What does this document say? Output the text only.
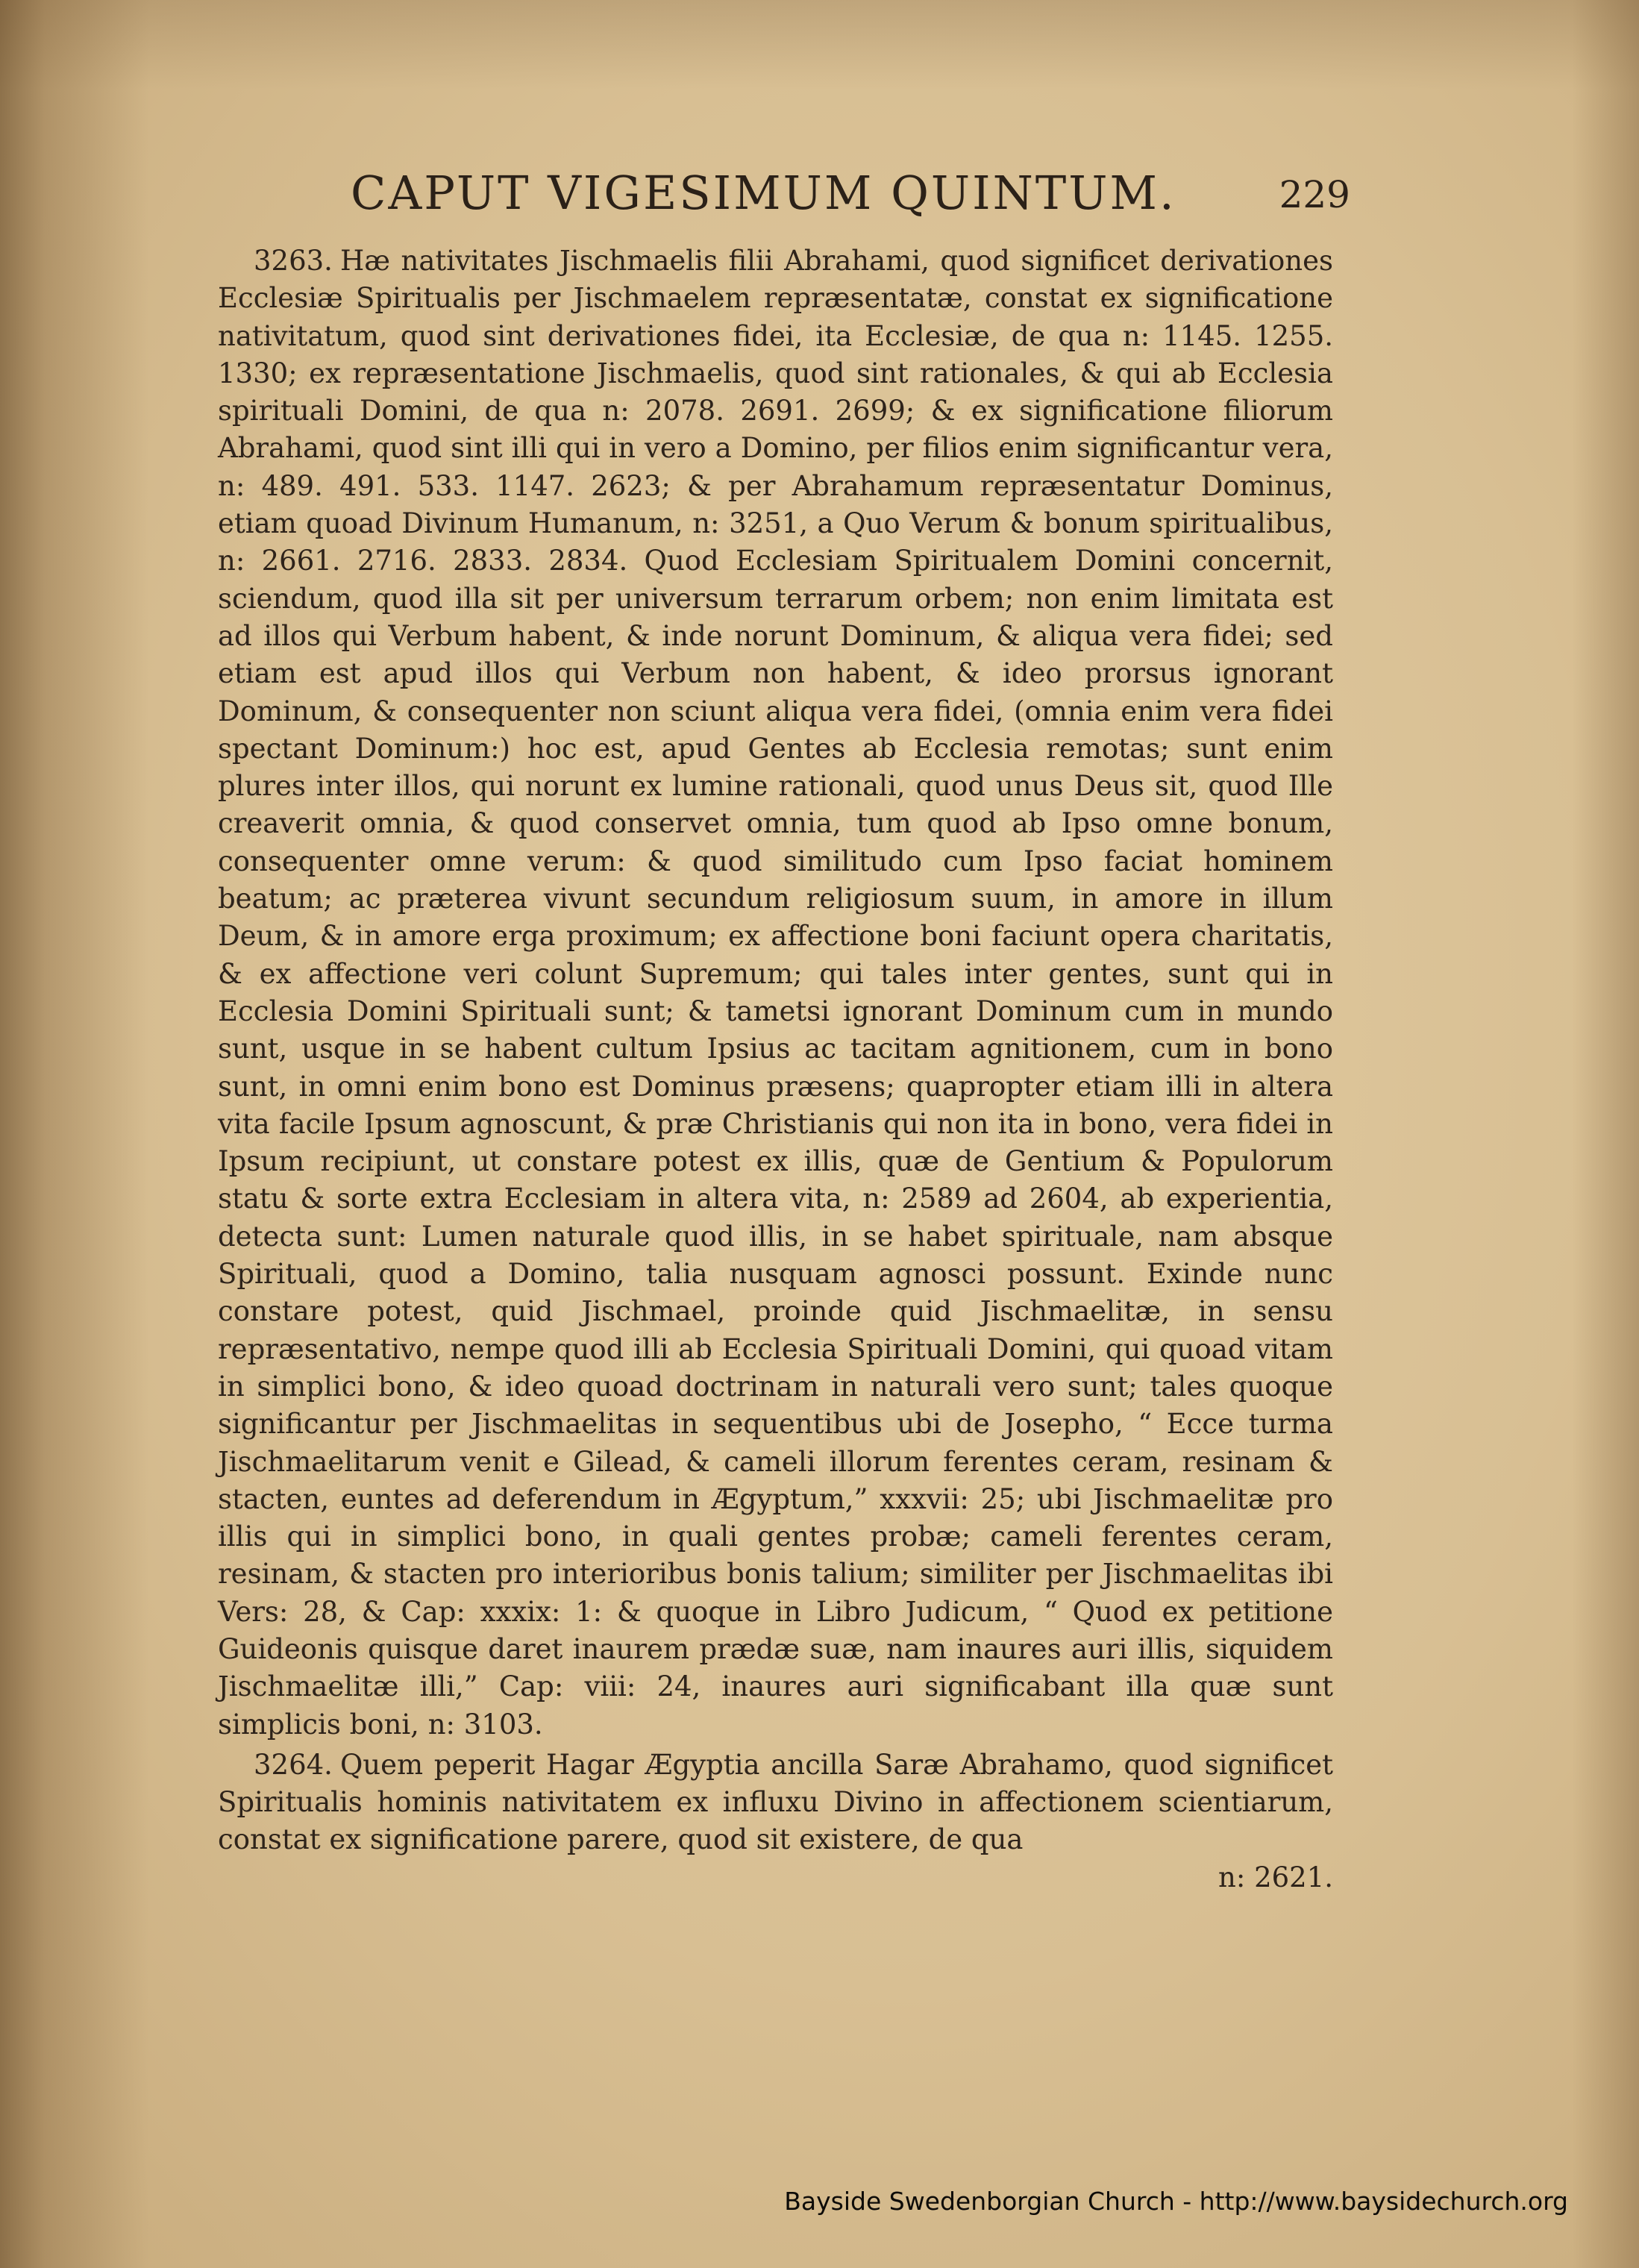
CAPUT VIGESIMUM QUINTUM.	229

3263. Hæ nativitates Jischmaelis filii Abrahami, quod significet derivationes Ecclesiæ Spiritualis per Jischmaelem repræsentatæ, constat ex significatione nativitatum, quod sint derivationes fidei, ita Ecclesiæ, de qua n: 1145. 1255. 1330; ex repræsentatione Jischmaelis, quod sint rationales, & qui ab Ecclesia spirituali Domini, de qua n: 2078. 2691. 2699; & ex significatione filiorum Abrahami, quod sint illi qui in vero a Domino, per filios enim significantur vera, n: 489. 491. 533. 1147. 2623; & per Abrahamum repræsentatur Dominus, etiam quoad Divinum Humanum, n: 3251, a Quo Verum & bonum spiritualibus, n: 2661. 2716. 2833. 2834. Quod Ecclesiam Spiritualem Domini concernit, sciendum, quod illa sit per universum terrarum orbem; non enim limitata est ad illos qui Verbum habent, & inde norunt Dominum, & aliqua vera fidei; sed etiam est apud illos qui Verbum non habent, & ideo prorsus ignorant Dominum, & consequenter non sciunt aliqua vera fidei, (omnia enim vera fidei spectant Dominum:) hoc est, apud Gentes ab Ecclesia remotas; sunt enim plures inter illos, qui norunt ex lumine rationali, quod unus Deus sit, quod Ille creaverit omnia, & quod conservet omnia, tum quod ab Ipso omne bonum, consequenter omne verum: & quod similitudo cum Ipso faciat hominem beatum; ac præterea vivunt secundum religiosum suum, in amore in illum Deum, & in amore erga proximum; ex affectione boni faciunt opera charitatis, & ex affectione veri colunt Supremum; qui tales inter gentes, sunt qui in Ecclesia Domini Spirituali sunt; & tametsi ignorant Dominum cum in mundo sunt, usque in se habent cultum Ipsius ac tacitam agnitionem, cum in bono sunt, in omni enim bono est Dominus præsens; quapropter etiam illi in altera vita facile Ipsum agnoscunt, & præ Christianis qui non ita in bono, vera fidei in Ipsum recipiunt, ut constare potest ex illis, quæ de Gentium & Populorum statu & sorte extra Ecclesiam in altera vita, n: 2589 ad 2604, ab experientia, detecta sunt: Lumen naturale quod illis, in se habet spirituale, nam absque Spirituali, quod a Domino, talia nusquam agnosci possunt. Exinde nunc constare potest, quid Jischmael, proinde quid Jischmaelitæ, in sensu repræsentativo, nempe quod illi ab Ecclesia Spirituali Domini, qui quoad vitam in simplici bono, & ideo quoad doctrinam in naturali vero sunt; tales quoque significantur per Jischmaelitas in sequentibus ubi de Josepho, “ Ecce turma Jischmaelitarum venit e Gilead, & cameli illorum ferentes ceram, resinam & stacten, euntes ad deferendum in Ægyptum,” xxxvii: 25; ubi Jischmaelitæ pro illis qui in simplici bono, in quali gentes probæ; cameli ferentes ceram, resinam, & stacten pro interioribus bonis talium; similiter per Jischmaelitas ibi Vers: 28, & Cap: xxxix: 1: & quoque in Libro Judicum, “ Quod ex petitione Guideonis quisque daret inaurem prædæ suæ, nam inaures auri illis, siquidem Jischmaelitæ illi,” Cap: viii: 24, inaures auri significabant illa quæ sunt simplicis boni, n: 3103.

3264. Quem peperit Hagar Ægyptia ancilla Saræ Abrahamo, quod significet Spiritualis hominis nativitatem ex influxu Divino in affectionem scientiarum, constat ex significatione parere, quod sit existere, de qua

n: 2621.

Bayside Swedenborgian Church - http://www.baysidechurch.org
